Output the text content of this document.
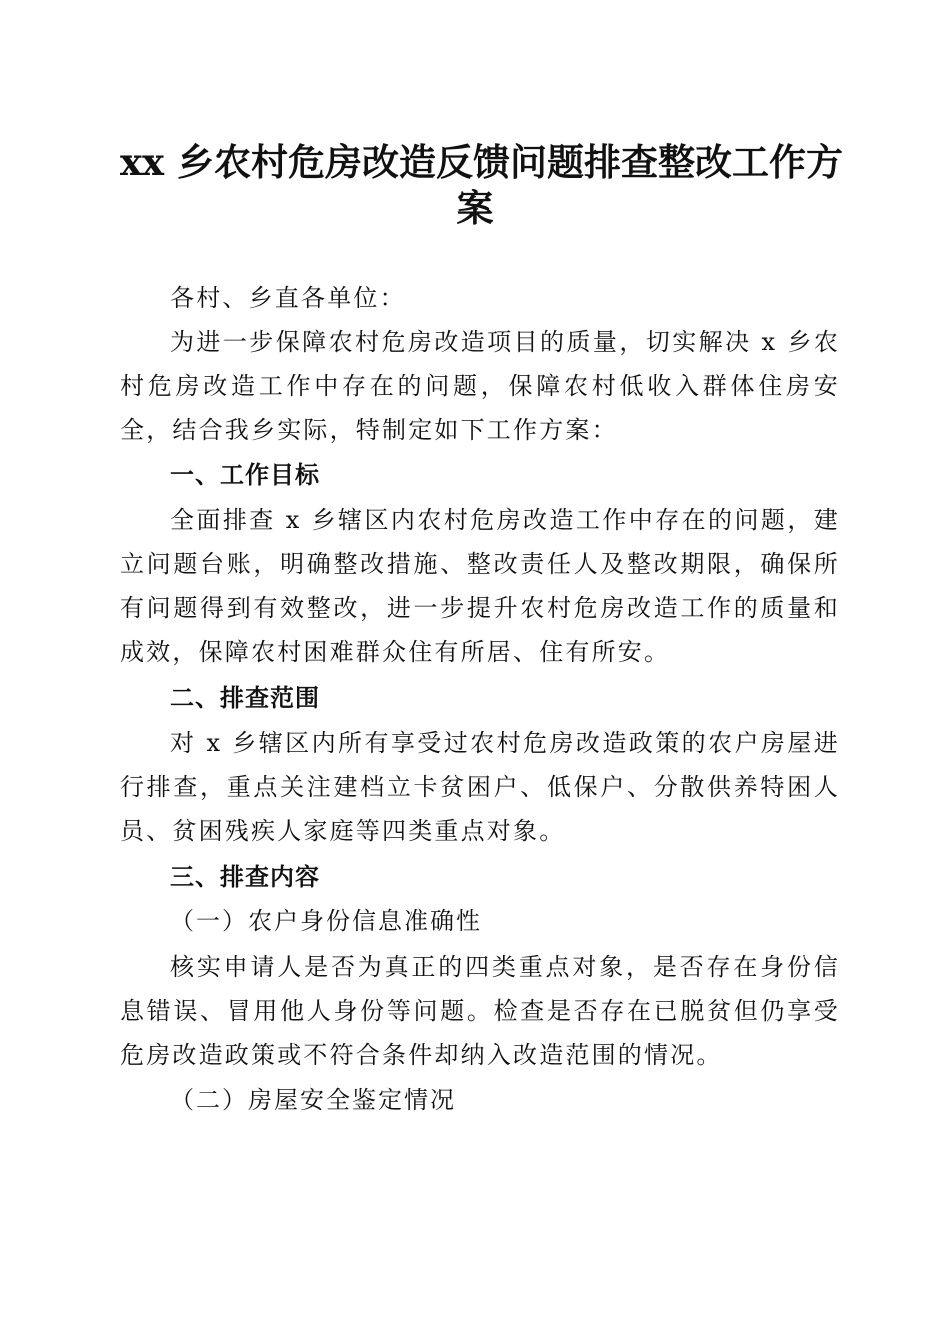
xx 乡农村危房改造反馈问题排查整改工作方
案

各村、乡直各单位：

为进一步保障农村危房改造项目的质量，切实解决 x 乡农村危房改造工作中存在的问题，保障农村低收入群体住房安全，结合我乡实际，特制定如下工作方案：

一、工作目标

全面排查 x 乡辖区内农村危房改造工作中存在的问题，建立问题台账，明确整改措施、整改责任人及整改期限，确保所有问题得到有效整改，进一步提升农村危房改造工作的质量和成效，保障农村困难群众住有所居、住有所安。

二、排查范围

对 x 乡辖区内所有享受过农村危房改造政策的农户房屋进行排查，重点关注建档立卡贫困户、低保户、分散供养特困人员、贫困残疾人家庭等四类重点对象。

三、排查内容

（一）农户身份信息准确性

核实申请人是否为真正的四类重点对象，是否存在身份信息错误、冒用他人身份等问题。检查是否存在已脱贫但仍享受危房改造政策或不符合条件却纳入改造范围的情况。

（二）房屋安全鉴定情况
